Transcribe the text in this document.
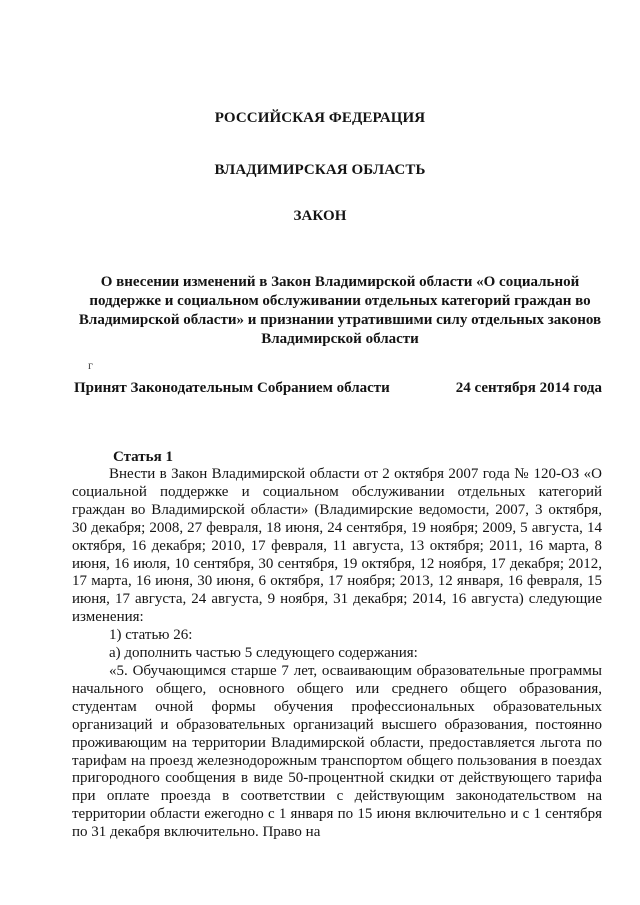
РОССИЙСКАЯ ФЕДЕРАЦИЯ
ВЛАДИМИРСКАЯ ОБЛАСТЬ
ЗАКОН
О внесении изменений в Закон Владимирской области «О социальной поддержке и социальном обслуживании отдельных категорий граждан во Владимирской области» и признании утратившими силу отдельных законов Владимирской области
г
Принят Законодательным Собранием области	24 сентября 2014 года
Статья 1

Внести в Закон Владимирской области от 2 октября 2007 года № 120-ОЗ «О социальной поддержке и социальном обслуживании отдельных категорий граждан во Владимирской области» (Владимирские ведомости, 2007, 3 октября, 30 декабря; 2008, 27 февраля, 18 июня, 24 сентября, 19 ноября; 2009, 5 августа, 14 октября, 16 декабря; 2010, 17 февраля, 11 августа, 13 октября; 2011, 16 марта, 8 июня, 16 июля, 10 сентября, 30 сентября, 19 октября, 12 ноября, 17 декабря; 2012, 17 марта, 16 июня, 30 июня, 6 октября, 17 ноября; 2013, 12 января, 16 февраля, 15 июня, 17 августа, 24 августа, 9 ноября, 31 декабря; 2014, 16 августа) следующие изменения:

1) статью 26:

а) дополнить частью 5 следующего содержания:

«5. Обучающимся старше 7 лет, осваивающим образовательные программы начального общего, основного общего или среднего общего образования, студентам очной формы обучения профессиональных образовательных организаций и образовательных организаций высшего образования, постоянно проживающим на территории Владимирской области, предоставляется льгота по тарифам на проезд железнодорожным транспортом общего пользования в поездах пригородного сообщения в виде 50-процентной скидки от действующего тарифа при оплате проезда в соответствии с действующим законодательством на территории области ежегодно с 1 января по 15 июня включительно и с 1 сентября по 31 декабря включительно. Право на
